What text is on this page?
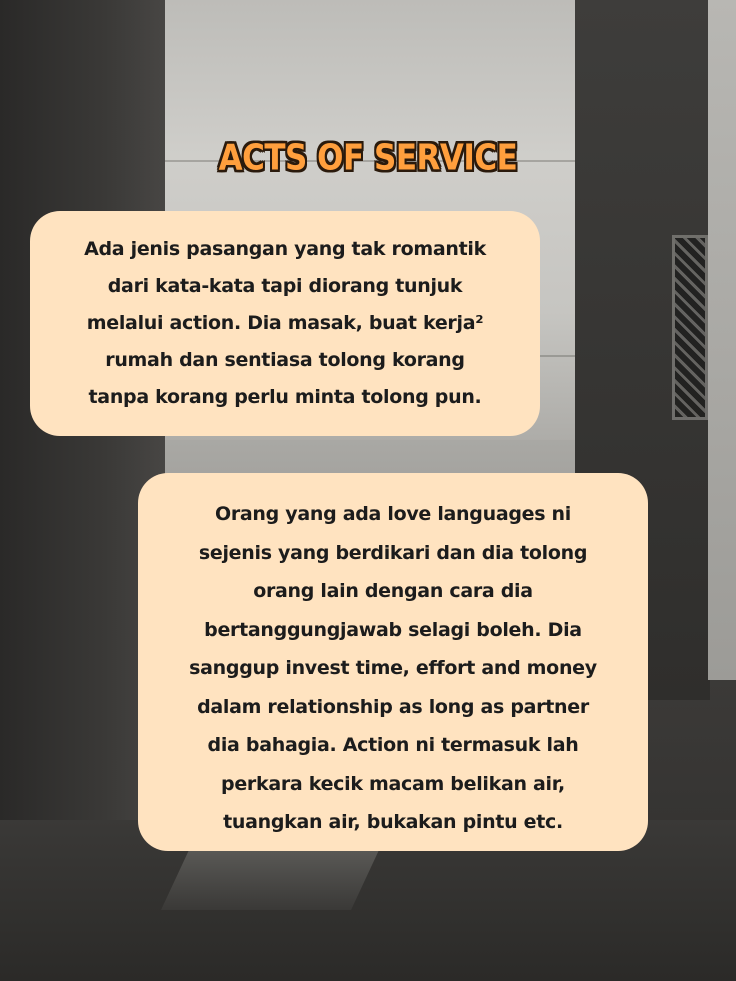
ACTS OF SERVICE

Ada jenis pasangan yang tak romantik
dari kata-kata tapi diorang tunjuk
melalui action. Dia masak, buat kerja²
rumah dan sentiasa tolong korang
tanpa korang perlu minta tolong pun.

Orang yang ada love languages ni
sejenis yang berdikari dan dia tolong
orang lain dengan cara dia
bertanggungjawab selagi boleh. Dia
sanggup invest time, effort and money
dalam relationship as long as partner
dia bahagia. Action ni termasuk lah
perkara kecik macam belikan air,
tuangkan air, bukakan pintu etc.
